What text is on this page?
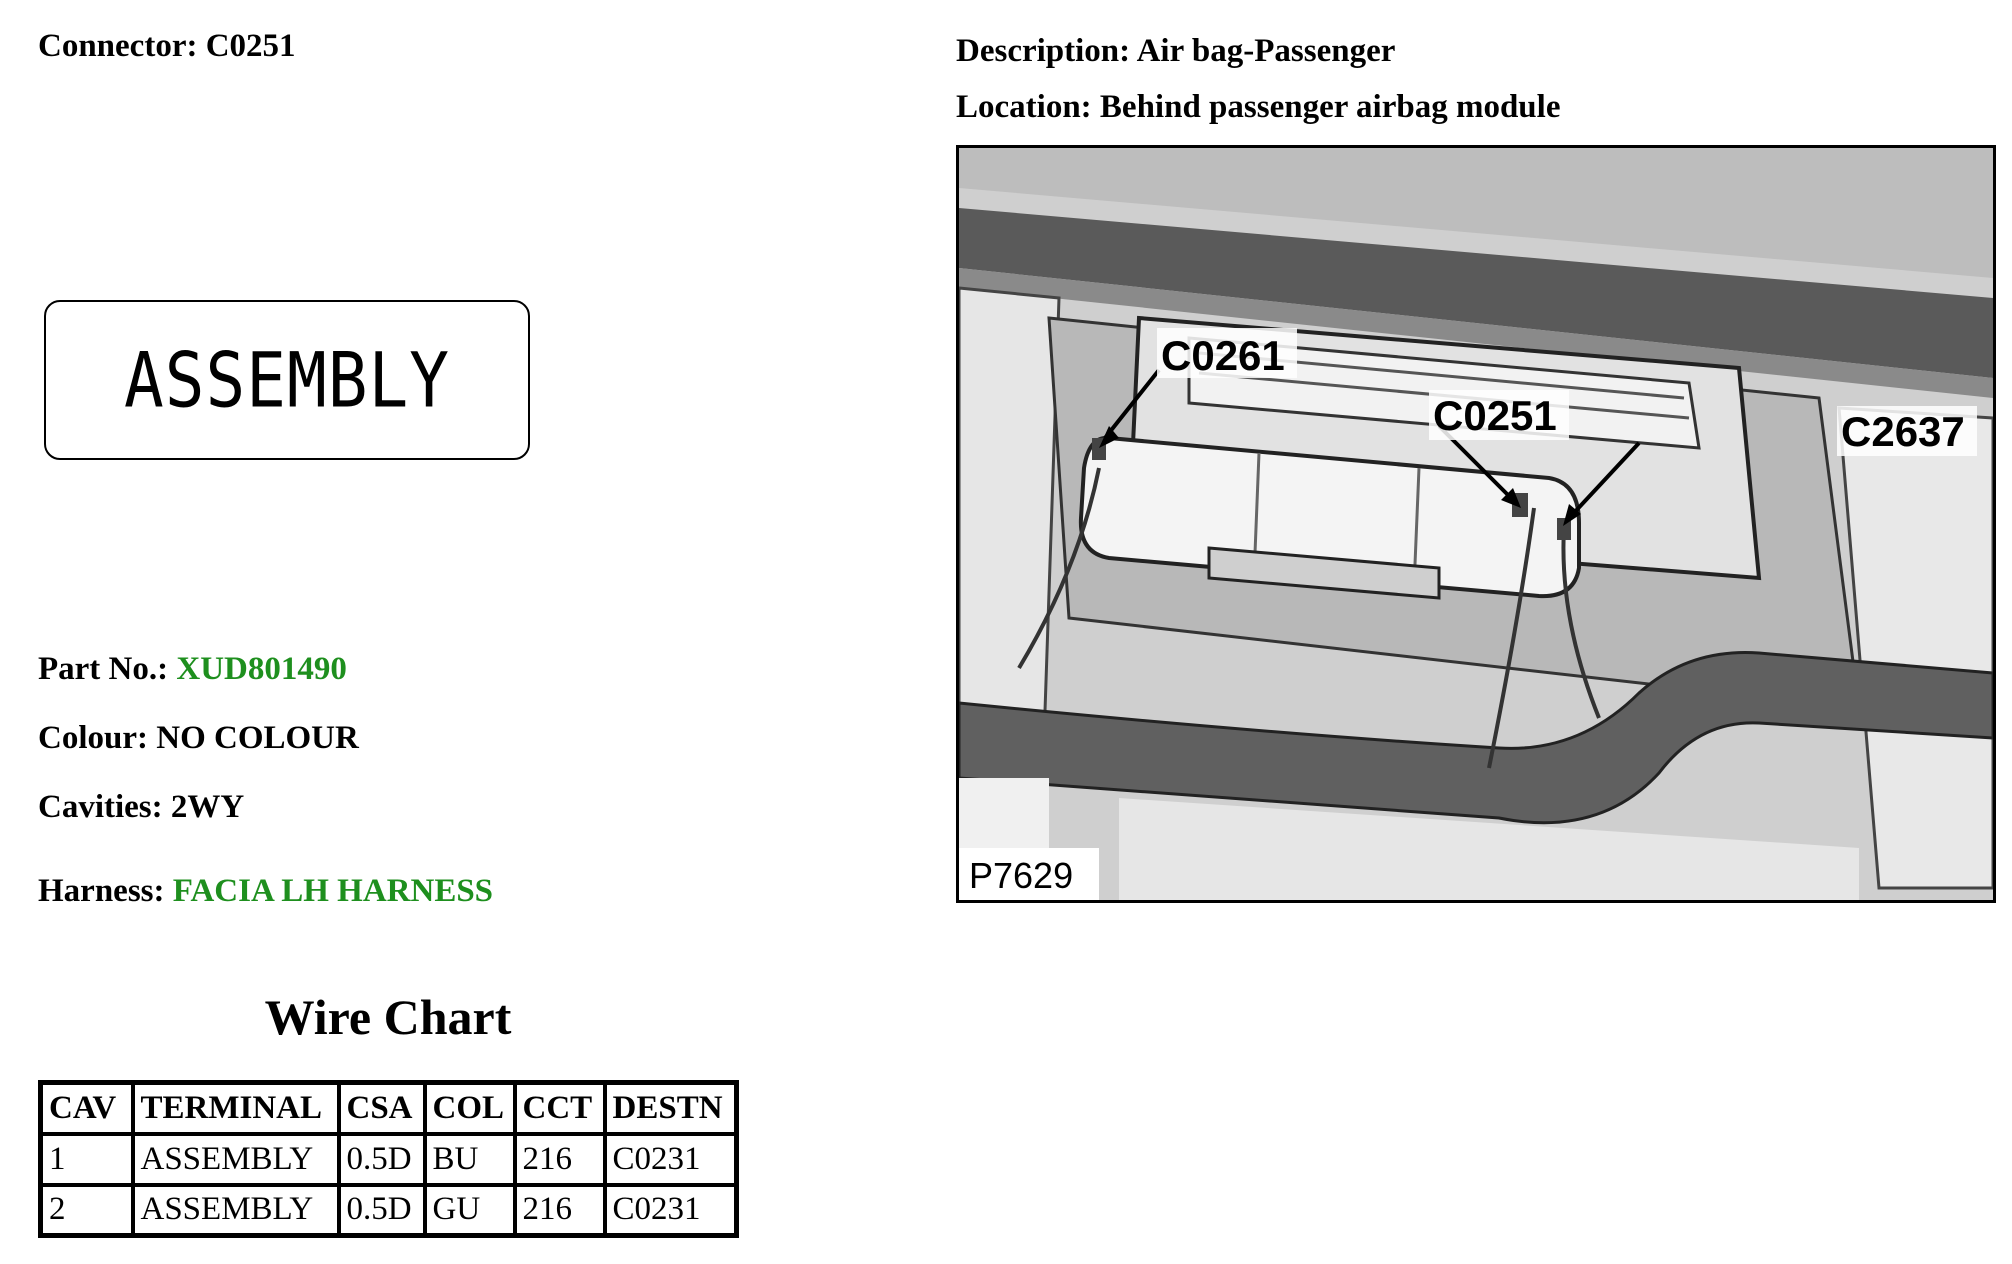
Connector: C0251	Description: Air bag-Passenger
Location: Behind passenger airbag module
ASSEMBLY
Part No.: XUD801490
Colour: NO COLOUR
Cavities: 2WY
Harness: FACIA LH HARNESS
Wire Chart
CAV	TERMINAL	CSA	COL	CCT	DESTN
1	ASSEMBLY	0.5D	BU	216	C0231
2	ASSEMBLY	0.5D	GU	216	C0231
C0261
C0251	C2637
P7629
